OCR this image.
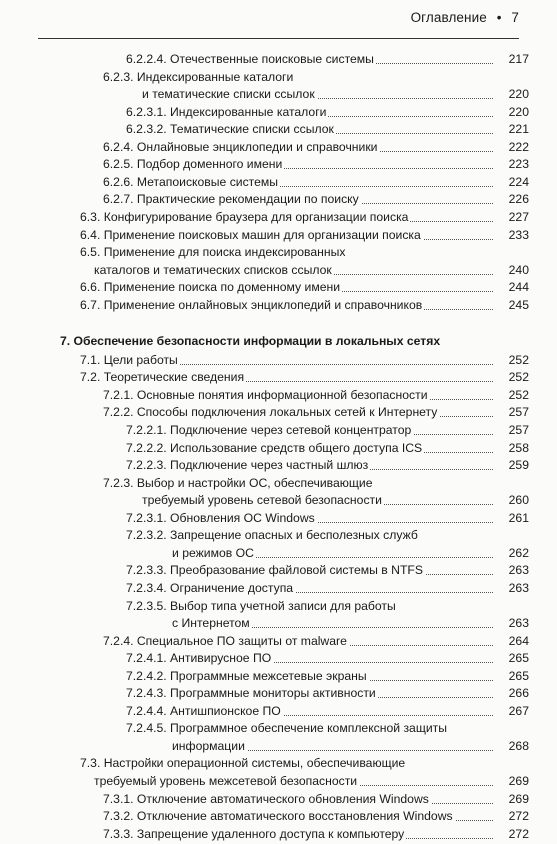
Оглавление • 7
6.2.2.4. Отечественные поисковые системы	217
6.2.3. Индексированные каталоги
и тематические списки ссылок	220
6.2.3.1. Индексированные каталоги	220
6.2.3.2. Тематические списки ссылок	221
6.2.4. Онлайновые энциклопедии и справочники	222
6.2.5. Подбор доменного имени	223
6.2.6. Метапоисковые системы	224
6.2.7. Практические рекомендации по поиску	226
6.3. Конфигурирование браузера для организации поиска	227
6.4. Применение поисковых машин для организации поиска	233
6.5. Применение для поиска индексированных
каталогов и тематических списков ссылок	240
6.6. Применение поиска по доменному имени	244
6.7. Применение онлайновых энциклопедий и справочников	245
7. Обеспечение безопасности информации в локальных сетях
7.1. Цели работы	252
7.2. Теоретические сведения	252
7.2.1. Основные понятия информационной безопасности	252
7.2.2. Способы подключения локальных сетей к Интернету	257
7.2.2.1. Подключение через сетевой концентратор	257
7.2.2.2. Использование средств общего доступа ICS	258
7.2.2.3. Подключение через частный шлюз	259
7.2.3. Выбор и настройки ОС, обеспечивающие
требуемый уровень сетевой безопасности	260
7.2.3.1. Обновления ОС Windows	261
7.2.3.2. Запрещение опасных и бесполезных служб
и режимов ОС	262
7.2.3.3. Преобразование файловой системы в NTFS	263
7.2.3.4. Ограничение доступа	263
7.2.3.5. Выбор типа учетной записи для работы
с Интернетом	263
7.2.4. Специальное ПО защиты от malware	264
7.2.4.1. Антивирусное ПО	265
7.2.4.2. Программные межсетевые экраны	265
7.2.4.3. Программные мониторы активности	266
7.2.4.4. Антишпионское ПО	267
7.2.4.5. Программное обеспечение комплексной защиты
информации	268
7.3. Настройки операционной системы, обеспечивающие
требуемый уровень межсетевой безопасности	269
7.3.1. Отключение автоматического обновления Windows	269
7.3.2. Отключение автоматического восстановления Windows	272
7.3.3. Запрещение удаленного доступа к компьютеру	272
